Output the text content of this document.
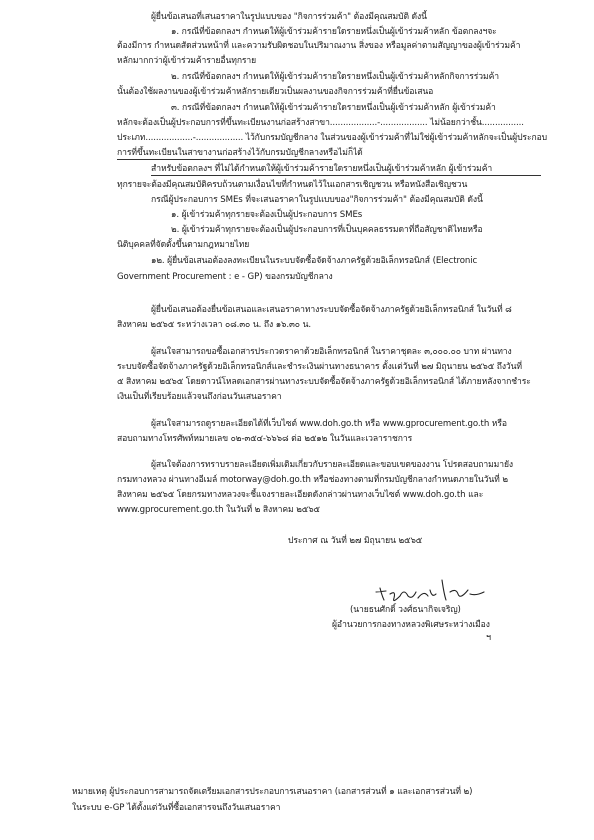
ผู้ยื่นข้อเสนอที่เสนอราคาในรูปแบบของ "กิจการร่วมค้า" ต้องมีคุณสมบัติ ดังนี้
๑. กรณีที่ข้อตกลงฯ กำหนดให้ผู้เข้าร่วมค้ารายใดรายหนึ่งเป็นผู้เข้าร่วมค้าหลัก ข้อตกลงฯจะ
ต้องมีการ กำหนดสัดส่วนหน้าที่ และความรับผิดชอบในปริมาณงาน สิ่งของ หรือมูลค่าตามสัญญาของผู้เข้าร่วมค้า
หลักมากกว่าผู้เข้าร่วมค้ารายอื่นทุกราย
๒. กรณีที่ข้อตกลงฯ กำหนดให้ผู้เข้าร่วมค้ารายใดรายหนึ่งเป็นผู้เข้าร่วมค้าหลักกิจการร่วมค้า
นั้นต้องใช้ผลงานของผู้เข้าร่วมค้าหลักรายเดียวเป็นผลงานของกิจการร่วมค้าที่ยื่นข้อเสนอ
๓. กรณีที่ข้อตกลงฯ กำหนดให้ผู้เข้าร่วมค้ารายใดรายหนึ่งเป็นผู้เข้าร่วมค้าหลัก ผู้เข้าร่วมค้า
หลักจะต้องเป็นผู้ประกอบการที่ขึ้นทะเบียนงานก่อสร้างสาขา..................-.................. ไม่น้อยกว่าชั้น................
ประเภท..................-.................. ไว้กับกรมบัญชีกลาง ในส่วนของผู้เข้าร่วมค้าที่ไม่ใช่ผู้เข้าร่วมค้าหลักจะเป็นผู้ประกอบ
การที่ขึ้นทะเบียนในสาขางานก่อสร้างไว้กับกรมบัญชีกลางหรือไม่ก็ได้
สำหรับข้อตกลงฯ ที่ไม่ได้กำหนดให้ผู้เข้าร่วมค้ารายใดรายหนึ่งเป็นผู้เข้าร่วมค้าหลัก ผู้เข้าร่วมค้า
ทุกรายจะต้องมีคุณสมบัติครบถ้วนตามเงื่อนไขที่กำหนดไว้ในเอกสารเชิญชวน หรือหนังสือเชิญชวน
กรณีผู้ประกอบการ SMEs ที่จะเสนอราคาในรูปแบบของ"กิจการร่วมค้า" ต้องมีคุณสมบัติ ดังนี้
๑. ผู้เข้าร่วมค้าทุกรายจะต้องเป็นผู้ประกอบการ SMEs
๒. ผู้เข้าร่วมค้าทุกรายจะต้องเป็นผู้ประกอบการที่เป็นบุคคลธรรมดาที่ถือสัญชาติไทยหรือ
นิติบุคคลที่จัดตั้งขึ้นตามกฎหมายไทย
๑๒. ผู้ยื่นข้อเสนอต้องลงทะเบียนในระบบจัดซื้อจัดจ้างภาครัฐด้วยอิเล็กทรอนิกส์ (Electronic
Government Procurement : e - GP) ของกรมบัญชีกลาง
ผู้ยื่นข้อเสนอต้องยื่นข้อเสนอและเสนอราคาทางระบบจัดซื้อจัดจ้างภาครัฐด้วยอิเล็กทรอนิกส์ ในวันที่ ๘
สิงหาคม ๒๕๖๕ ระหว่างเวลา ๐๘.๓๐ น. ถึง ๑๖.๓๐ น.
ผู้สนใจสามารถขอซื้อเอกสารประกวดราคาด้วยอิเล็กทรอนิกส์ ในราคาชุดละ ๓,๐๐๐.๐๐ บาท ผ่านทาง
ระบบจัดซื้อจัดจ้างภาครัฐด้วยอิเล็กทรอนิกส์และชำระเงินผ่านทางธนาคาร ตั้งแต่วันที่ ๒๗ มิถุนายน ๒๕๖๕ ถึงวันที่
๕ สิงหาคม ๒๕๖๕ โดยดาวน์โหลดเอกสารผ่านทางระบบจัดซื้อจัดจ้างภาครัฐด้วยอิเล็กทรอนิกส์ ได้ภายหลังจากชำระ
เงินเป็นที่เรียบร้อยแล้วจนถึงก่อนวันเสนอราคา
ผู้สนใจสามารถดูรายละเอียดได้ที่เว็บไซต์ www.doh.go.th หรือ www.gprocurement.go.th หรือ
สอบถามทางโทรศัพท์หมายเลข ๐๒-๓๕๔-๖๖๖๘ ต่อ ๒๕๑๒ ในวันและเวลาราชการ
ผู้สนใจต้องการทราบรายละเอียดเพิ่มเติมเกี่ยวกับรายละเอียดและขอบเขตของงาน โปรดสอบถามมายัง
กรมทางหลวง ผ่านทางอีเมล์ motorway@doh.go.th หรือช่องทางตามที่กรมบัญชีกลางกำหนดภายในวันที่ ๒
สิงหาคม ๒๕๖๕ โดยกรมทางหลวงจะชี้แจงรายละเอียดดังกล่าวผ่านทางเว็บไซต์ www.doh.go.th และ
www.gprocurement.go.th ในวันที่ ๒ สิงหาคม ๒๕๖๕
ประกาศ ณ วันที่ ๒๗ มิถุนายน ๒๕๖๕
(นายธนศักดิ์ วงศ์ธนากิจเจริญ)
ผู้อำนวยการกองทางหลวงพิเศษระหว่างเมือง
ฯ
หมายเหตุ ผู้ประกอบการสามารถจัดเตรียมเอกสารประกอบการเสนอราคา (เอกสารส่วนที่ ๑ และเอกสารส่วนที่ ๒)
ในระบบ e-GP ได้ตั้งแต่วันที่ซื้อเอกสารจนถึงวันเสนอราคา
